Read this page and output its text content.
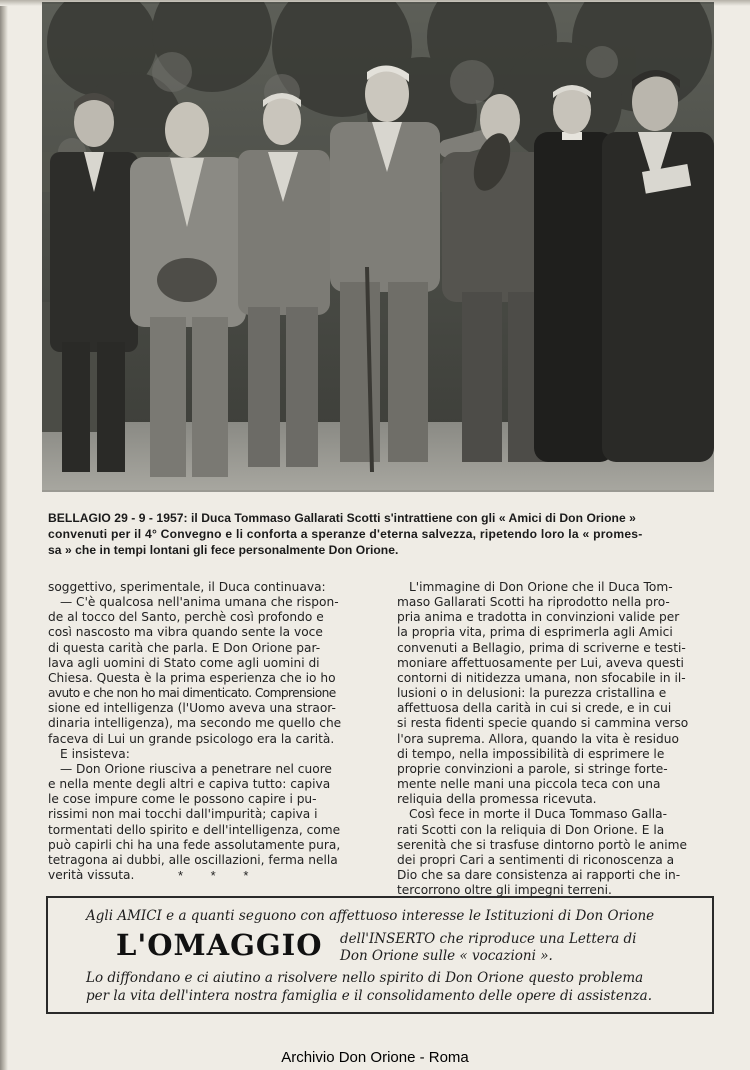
BELLAGIO 29 - 9 - 1957: il Duca Tommaso Gallarati Scotti s'intrattiene con gli « Amici di Don Orione »
convenuti per il 4° Convegno e li conforta a speranze d'eterna salvezza, ripetendo loro la « promes-
sa » che in tempi lontani gli fece personalmente Don Orione.
soggettivo, sperimentale, il Duca continuava:
— C'è qualcosa nell'anima umana che rispon-
de al tocco del Santo, perchè così profondo e
così nascosto ma vibra quando sente la voce
di questa carità che parla. E Don Orione par-
lava agli uomini di Stato come agli uomini di
Chiesa. Questa è la prima esperienza che io ho
avuto e che non ho mai dimenticato. Comprensione
sione ed intelligenza (l'Uomo aveva una straor-
dinaria intelligenza), ma secondo me quello che
faceva di Lui un grande psicologo era la carità.
E insisteva:
— Don Orione riusciva a penetrare nel cuore
e nella mente degli altri e capiva tutto: capiva
le cose impure come le possono capire i pu-
rissimi non mai tocchi dall'impurità; capiva i
tormentati dello spirito e dell'intelligenza, come
può capirli chi ha una fede assolutamente pura,
tetragona ai dubbi, alle oscillazioni, ferma nella
verità vissuta.	* * *
L'immagine di Don Orione che il Duca Tom-
maso Gallarati Scotti ha riprodotto nella pro-
pria anima e tradotta in convinzioni valide per
la propria vita, prima di esprimerla agli Amici
convenuti a Bellagio, prima di scriverne e testi-
moniare affettuosamente per Lui, aveva questi
contorni di nitidezza umana, non sfocabile in il-
lusioni o in delusioni: la purezza cristallina e
affettuosa della carità in cui si crede, e in cui
si resta fidenti specie quando si cammina verso
l'ora suprema. Allora, quando la vita è residuo
di tempo, nella impossibilità di esprimere le
proprie convinzioni a parole, si stringe forte-
mente nelle mani una piccola teca con una
reliquia della promessa ricevuta.
Così fece in morte il Duca Tommaso Galla-
rati Scotti con la reliquia di Don Orione. E la
serenità che si trasfuse dintorno portò le anime
dei propri Cari a sentimenti di riconoscenza a
Dio che sa dare consistenza ai rapporti che in-
tercorrono oltre gli impegni terreni.
Agli AMICI e a quanti seguono con affettuoso interesse le Istituzioni di Don Orione
L'OMAGGIO dell'INSERTO che riproduce una Lettera di
Don Orione sulle « vocazioni ».
Lo diffondano e ci aiutino a risolvere nello spirito di Don Orione questo problema
per la vita dell'intera nostra famiglia e il consolidamento delle opere di assistenza.
Archivio Don Orione - Roma
